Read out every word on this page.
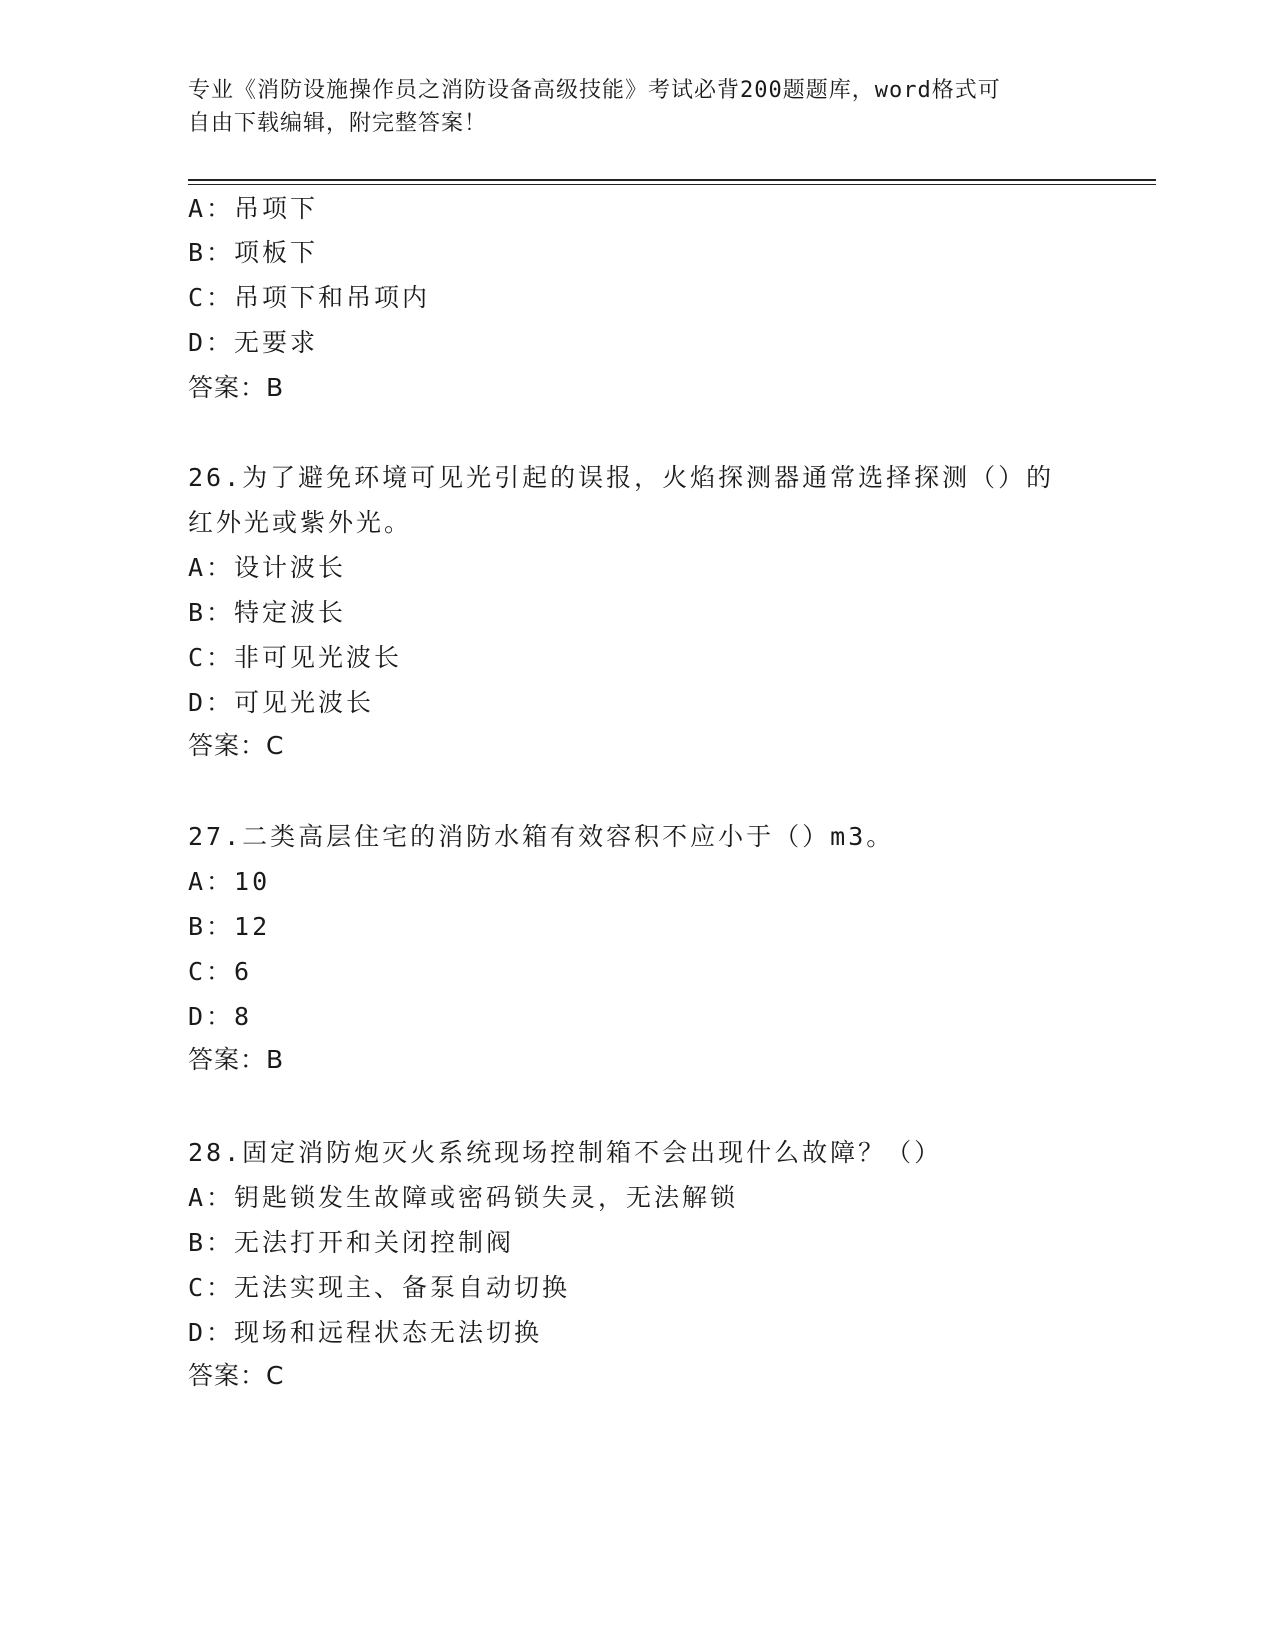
专业《消防设施操作员之消防设备高级技能》考试必背200题题库，word格式可
自由下载编辑，附完整答案！
A：吊项下
B：项板下
C：吊项下和吊项内
D：无要求
答案：B
26.为了避免环境可见光引起的误报，火焰探测器通常选择探测（）的
红外光或紫外光。
A：设计波长
B：特定波长
C：非可见光波长
D：可见光波长
答案：C
27.二类高层住宅的消防水箱有效容积不应小于（）m3。
A：10
B：12
C：6
D：8
答案：B
28.固定消防炮灭火系统现场控制箱不会出现什么故障？（）
A：钥匙锁发生故障或密码锁失灵，无法解锁
B：无法打开和关闭控制阀
C：无法实现主、备泵自动切换
D：现场和远程状态无法切换
答案：C
